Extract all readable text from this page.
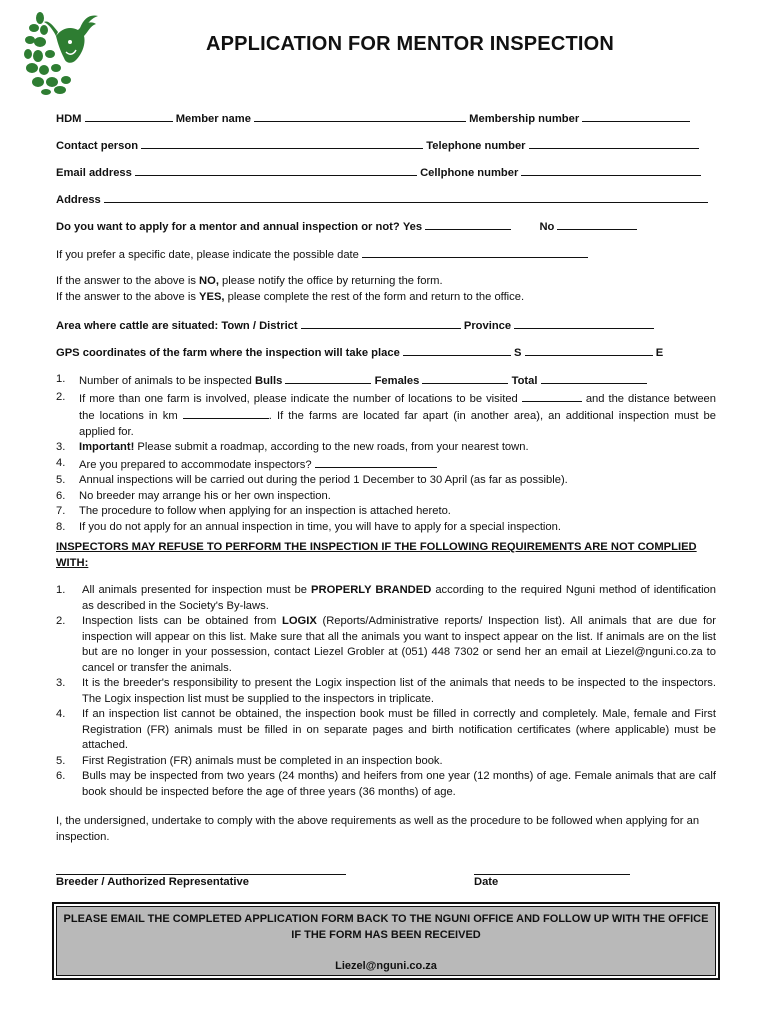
APPLICATION FOR MENTOR INSPECTION
HDM	Member name	Membership number
Contact person	Telephone number
Email address	Cellphone number
Address
Do you want to apply for a mentor and annual inspection or not? Yes	No
If you prefer a specific date, please indicate the possible date
If the answer to the above is NO, please notify the office by returning the form.
If the answer to the above is YES, please complete the rest of the form and return to the office.
Area where cattle are situated: Town / District	Province
GPS coordinates of the farm where the inspection will take place	S	E
1. Number of animals to be inspected Bulls	Females	Total
2. If more than one farm is involved, please indicate the number of locations to be visited	and the distance between the locations in km	. If the farms are located far apart (in another area), an additional inspection must be applied for.
3. Important! Please submit a roadmap, according to the new roads, from your nearest town.
4. Are you prepared to accommodate inspectors?
5. Annual inspections will be carried out during the period 1 December to 30 April (as far as possible).
6. No breeder may arrange his or her own inspection.
7. The procedure to follow when applying for an inspection is attached hereto.
8. If you do not apply for an annual inspection in time, you will have to apply for a special inspection.
INSPECTORS MAY REFUSE TO PERFORM THE INSPECTION IF THE FOLLOWING REQUIREMENTS ARE NOT COMPLIED WITH:
1. All animals presented for inspection must be PROPERLY BRANDED according to the required Nguni method of identification as described in the Society's By-laws.
2. Inspection lists can be obtained from LOGIX (Reports/Administrative reports/ Inspection list). All animals that are due for inspection will appear on this list. Make sure that all the animals you want to inspect appear on the list. If animals are on the list but are no longer in your possession, contact Liezel Grobler at (051) 448 7302 or send her an email at Liezel@nguni.co.za to cancel or transfer the animals.
3. It is the breeder's responsibility to present the Logix inspection list of the animals that needs to be inspected to the inspectors. The Logix inspection list must be supplied to the inspectors in triplicate.
4. If an inspection list cannot be obtained, the inspection book must be filled in correctly and completely. Male, female and First Registration (FR) animals must be filled in on separate pages and birth notification certificates (where applicable) must be attached.
5. First Registration (FR) animals must be completed in an inspection book.
6. Bulls may be inspected from two years (24 months) and heifers from one year (12 months) of age. Female animals that are calf book should be inspected before the age of three years (36 months) of age.
I, the undersigned, undertake to comply with the above requirements as well as the procedure to be followed when applying for an inspection.
Breeder / Authorized Representative	Date
PLEASE EMAIL THE COMPLETED APPLICATION FORM BACK TO THE NGUNI OFFICE AND FOLLOW UP WITH THE OFFICE IF THE FORM HAS BEEN RECEIVED
Liezel@nguni.co.za
